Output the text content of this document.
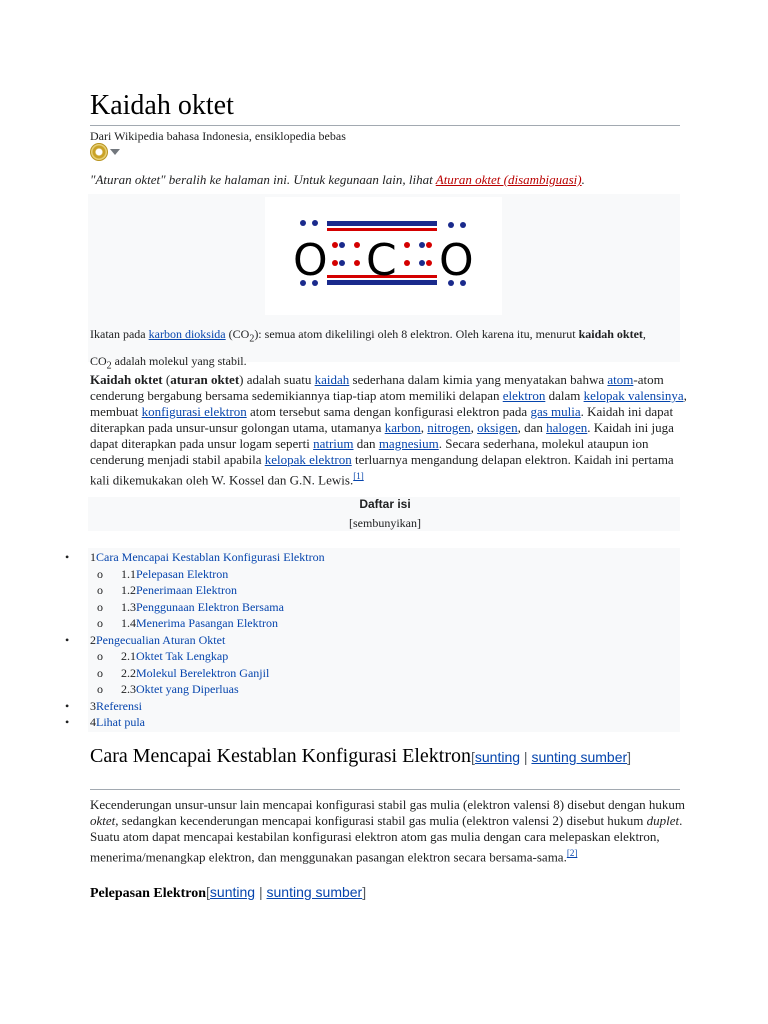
Kaidah oktet
Dari Wikipedia bahasa Indonesia, ensiklopedia bebas
"Aturan oktet" beralih ke halaman ini. Untuk kegunaan lain, lihat Aturan oktet (disambiguasi).
O C O
Ikatan pada karbon dioksida $(CO_2)$: semua atom dikelilingi oleh 8 elektron. Oleh karena itu, menurut kaidah oktet,
$CO_2$ adalah molekul yang stabil.

Kaidah oktet (aturan oktet) adalah suatu kaidah sederhana dalam kimia yang menyatakan bahwa atom-atom cenderung bergabung bersama sedemikiannya tiap-tiap atom memiliki delapan elektron dalam kelopak valensinya, membuat konfigurasi elektron atom tersebut sama dengan konfigurasi elektron pada gas mulia. Kaidah ini dapat diterapkan pada unsur-unsur golongan utama, utamanya karbon, nitrogen, oksigen, dan halogen. Kaidah ini juga dapat diterapkan pada unsur logam seperti natrium dan magnesium. Secara sederhana, molekul ataupun ion cenderung menjadi stabil apabila kelopak elektron terluarnya mengandung delapan elektron. Kaidah ini pertama kali dikemukakan oleh W. Kossel dan G.N. Lewis.[1]

Daftar isi
[sembunyikan]
• 1Cara Mencapai Kestablan Konfigurasi Elektron
o 1.1Pelepasan Elektron
o 1.2Penerimaan Elektron
o 1.3Penggunaan Elektron Bersama
o 1.4Menerima Pasangan Elektron
• 2Pengecualian Aturan Oktet
o 2.1Oktet Tak Lengkap
o 2.2Molekul Berelektron Ganjil
o 2.3Oktet yang Diperluas
• 3Referensi
• 4Lihat pula
Cara Mencapai Kestablan Konfigurasi Elektron[sunting | sunting sumber]
Kecenderungan unsur-unsur lain mencapai konfigurasi stabil gas mulia (elektron valensi 8) disebut dengan hukum oktet, sedangkan kecenderungan mencapai konfigurasi stabil gas mulia (elektron valensi 2) disebut hukum duplet. Suatu atom dapat mencapai kestabilan konfigurasi elektron atom gas mulia dengan cara melepaskan elektron, menerima/menangkap elektron, dan menggunakan pasangan elektron secara bersama-sama.[2]
Pelepasan Elektron[sunting | sunting sumber]
